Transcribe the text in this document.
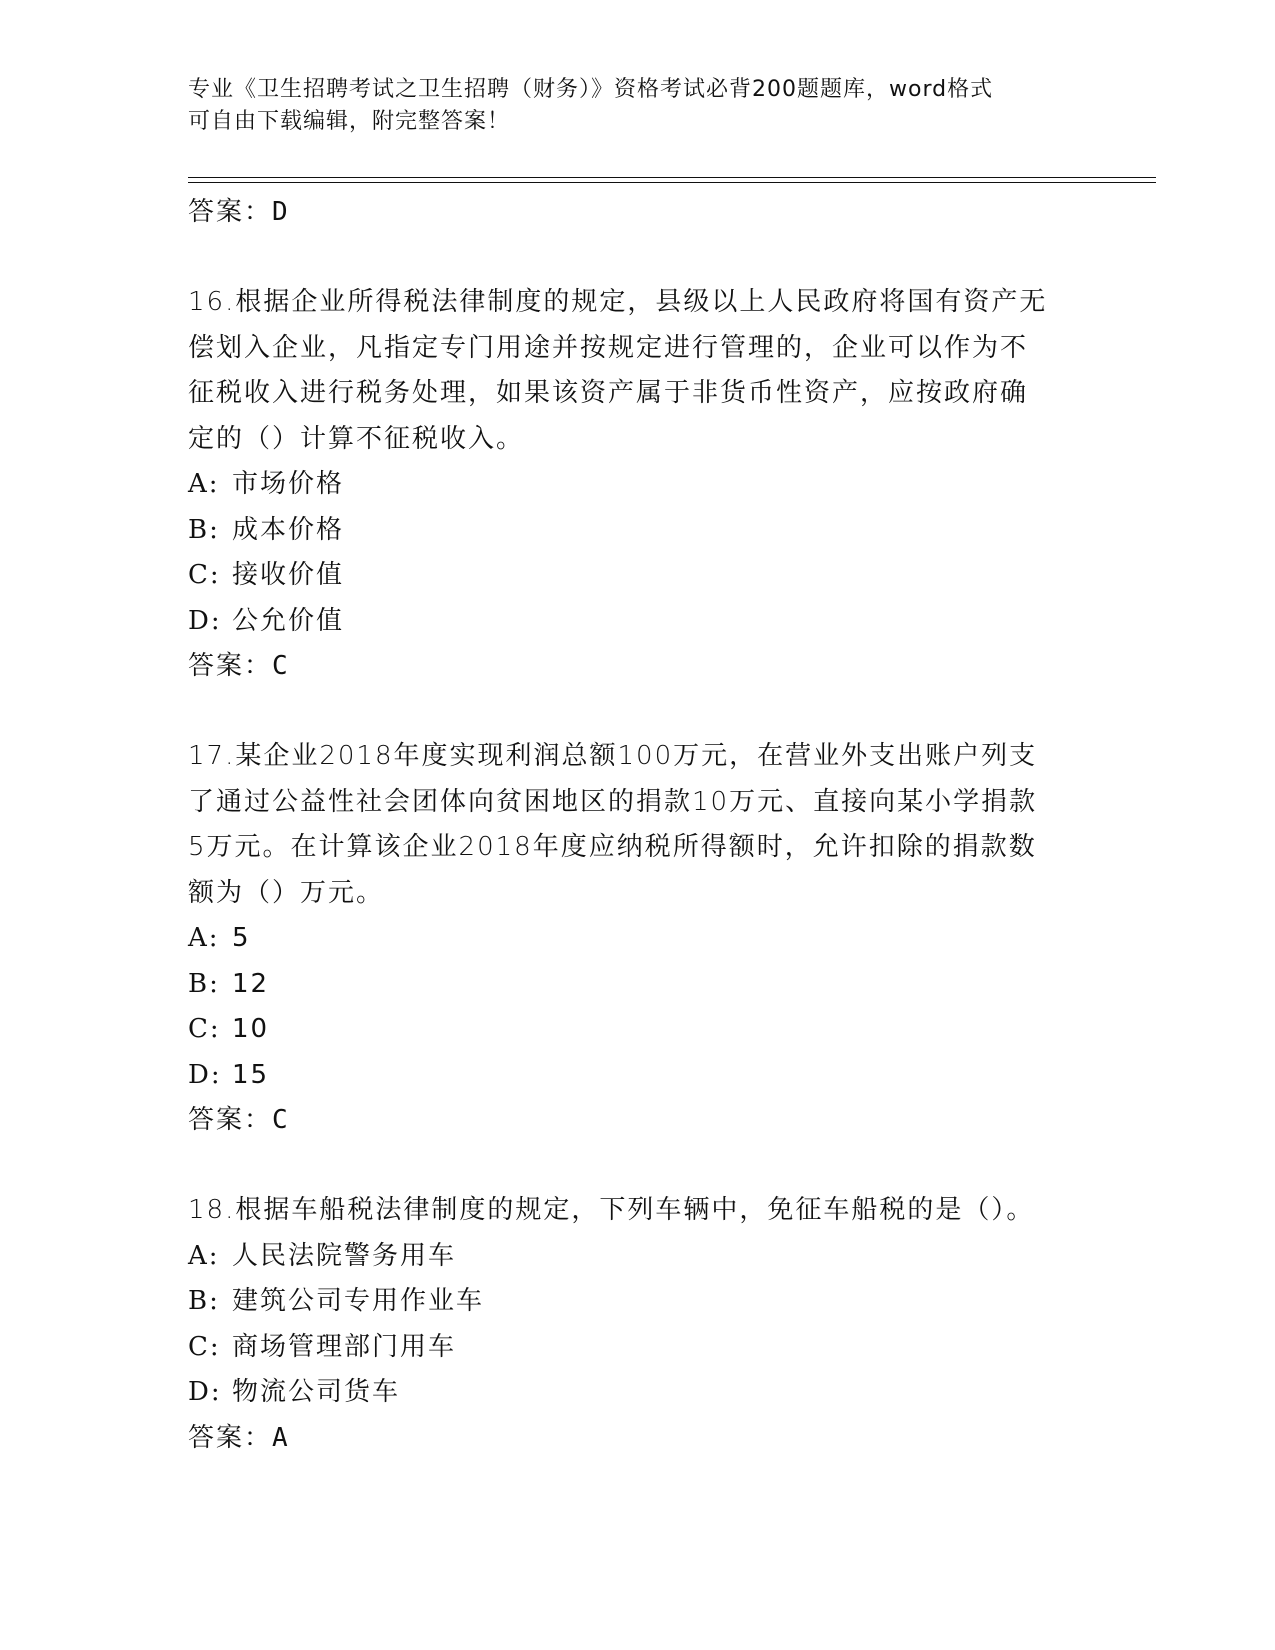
专业《卫生招聘考试之卫生招聘（财务）》资格考试必背200题题库，word格式
可自由下载编辑，附完整答案！
答案：D
16.根据企业所得税法律制度的规定，县级以上人民政府将国有资产无
偿划入企业，凡指定专门用途并按规定进行管理的，企业可以作为不
征税收入进行税务处理，如果该资产属于非货币性资产，应按政府确
定的（）计算不征税收入。
A: 市场价格
B: 成本价格
C: 接收价值
D: 公允价值
答案：C
17.某企业2018年度实现利润总额100万元，在营业外支出账户列支
了通过公益性社会团体向贫困地区的捐款10万元、直接向某小学捐款
5万元。在计算该企业2018年度应纳税所得额时，允许扣除的捐款数
额为（）万元。
A: 5
B: 12
C: 10
D: 15
答案：C
18.根据车船税法律制度的规定，下列车辆中，免征车船税的是（）。
A: 人民法院警务用车
B: 建筑公司专用作业车
C: 商场管理部门用车
D: 物流公司货车
答案：A
